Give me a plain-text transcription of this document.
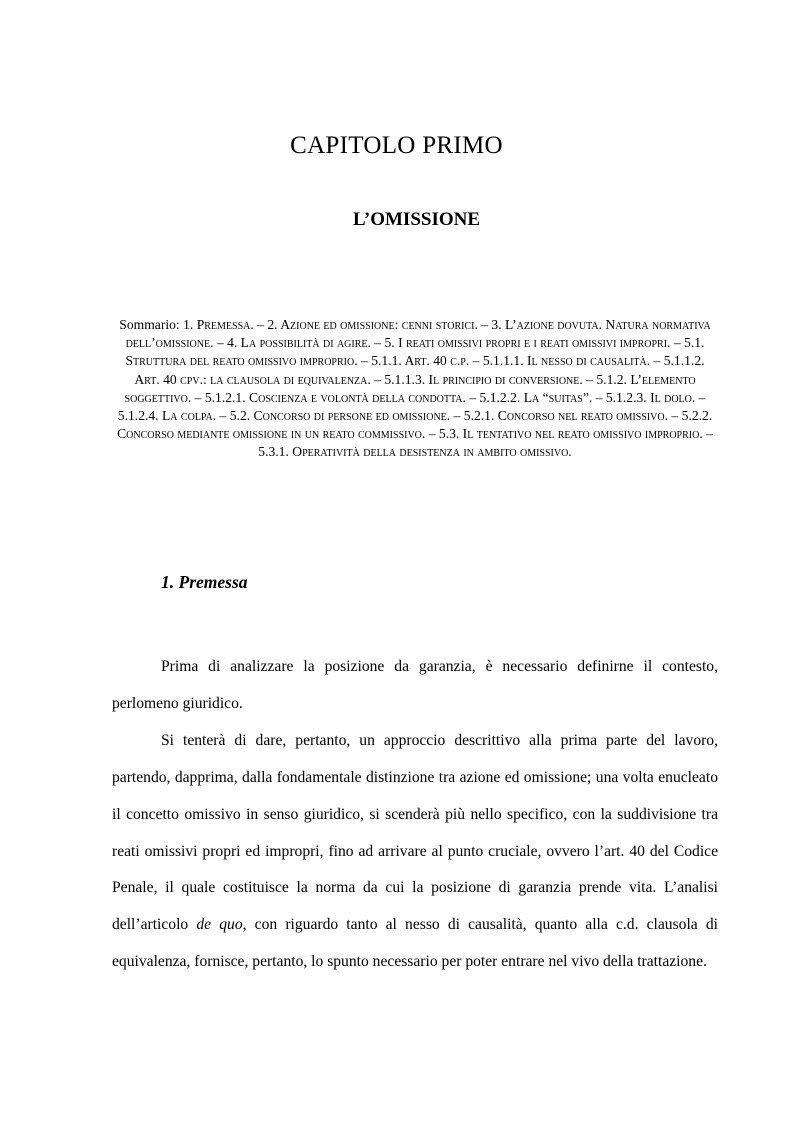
CAPITOLO PRIMO
L’OMISSIONE

Sommario: 1. Premessa. – 2. Azione ed omissione: cenni storici. – 3. L’azione dovuta. Natura normativa dell’omissione. – 4. La possibilità di agire. – 5. I reati omissivi propri e i reati omissivi impropri. – 5.1. Struttura del reato omissivo improprio. – 5.1.1. Art. 40 c.p. – 5.1.1.1. Il nesso di causalità. – 5.1.1.2. Art. 40 cpv.: la clausola di equivalenza. – 5.1.1.3. Il principio di conversione. – 5.1.2. L’elemento soggettivo. – 5.1.2.1. Coscienza e volontà della condotta. – 5.1.2.2. La “suitas”. – 5.1.2.3. Il dolo. – 5.1.2.4. La colpa. – 5.2. Concorso di persone ed omissione. – 5.2.1. Concorso nel reato omissivo. – 5.2.2. Concorso mediante omissione in un reato commissivo. – 5.3. Il tentativo nel reato omissivo improprio. – 5.3.1. Operatività della desistenza in ambito omissivo.

1. Premessa

Prima di analizzare la posizione da garanzia, è necessario definirne il contesto, perlomeno giuridico.

Si tenterà di dare, pertanto, un approccio descrittivo alla prima parte del lavoro, partendo, dapprima, dalla fondamentale distinzione tra azione ed omissione; una volta enucleato il concetto omissivo in senso giuridico, si scenderà più nello specifico, con la suddivisione tra reati omissivi propri ed impropri, fino ad arrivare al punto cruciale, ovvero l’art. 40 del Codice Penale, il quale costituisce la norma da cui la posizione di garanzia prende vita. L’analisi dell’articolo de quo, con riguardo tanto al nesso di causalità, quanto alla c.d. clausola di equivalenza, fornisce, pertanto, lo spunto necessario per poter entrare nel vivo della trattazione.
